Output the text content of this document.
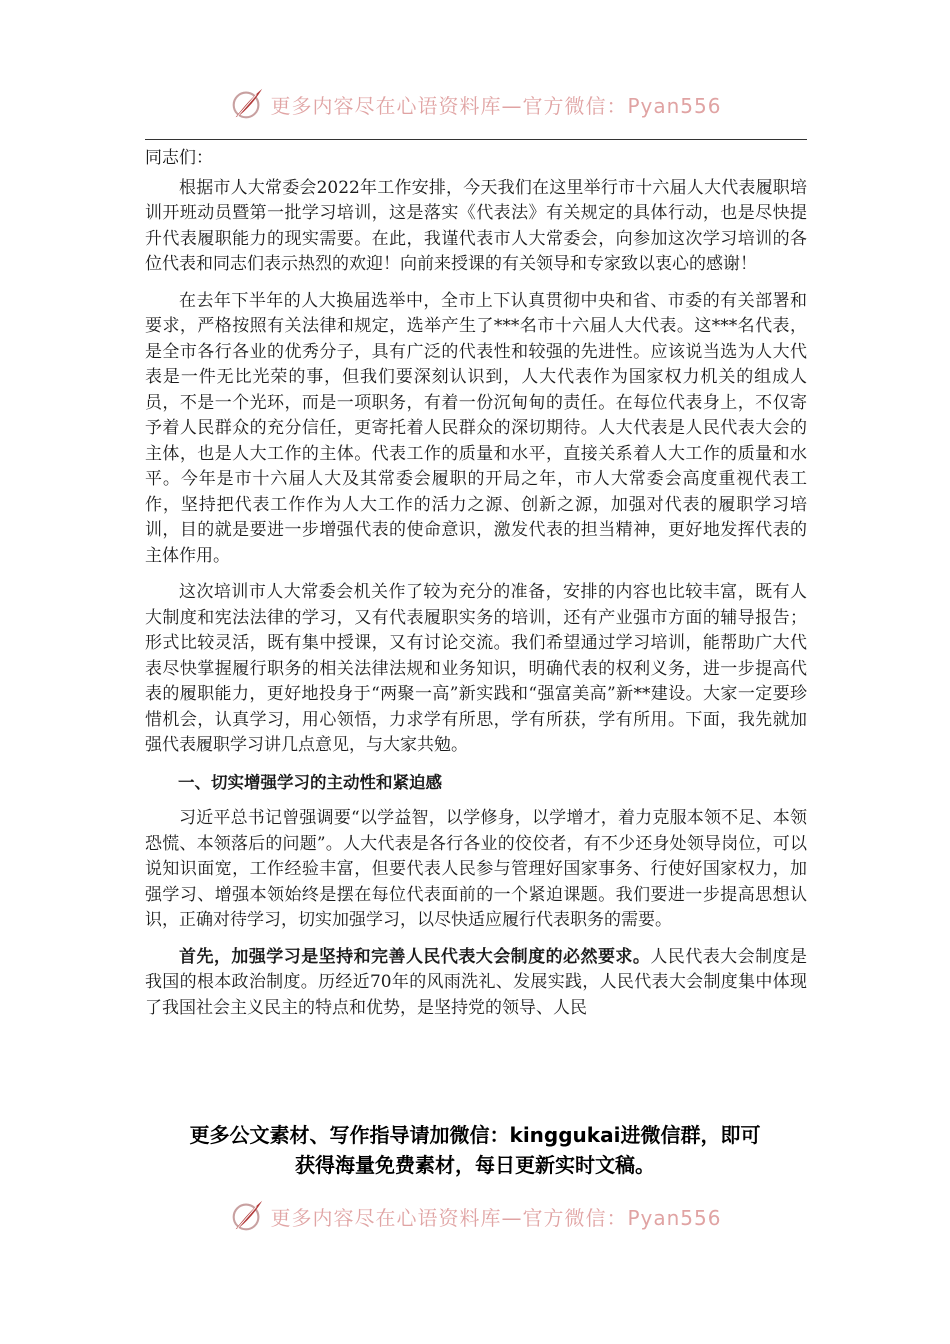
更多内容尽在心语资料库—官方微信：Pyan556

同志们：

根据市人大常委会2022年工作安排，今天我们在这里举行市十六届人大代表履职培训开班动员暨第一批学习培训，这是落实《代表法》有关规定的具体行动，也是尽快提升代表履职能力的现实需要。在此，我谨代表市人大常委会，向参加这次学习培训的各位代表和同志们表示热烈的欢迎！向前来授课的有关领导和专家致以衷心的感谢！

在去年下半年的人大换届选举中，全市上下认真贯彻中央和省、市委的有关部署和要求，严格按照有关法律和规定，选举产生了***名市十六届人大代表。这***名代表，是全市各行各业的优秀分子，具有广泛的代表性和较强的先进性。应该说当选为人大代表是一件无比光荣的事，但我们要深刻认识到，人大代表作为国家权力机关的组成人员，不是一个光环，而是一项职务，有着一份沉甸甸的责任。在每位代表身上，不仅寄予着人民群众的充分信任，更寄托着人民群众的深切期待。人大代表是人民代表大会的主体，也是人大工作的主体。代表工作的质量和水平，直接关系着人大工作的质量和水平。今年是市十六届人大及其常委会履职的开局之年，市人大常委会高度重视代表工作，坚持把代表工作作为人大工作的活力之源、创新之源，加强对代表的履职学习培训，目的就是要进一步增强代表的使命意识，激发代表的担当精神，更好地发挥代表的主体作用。

这次培训市人大常委会机关作了较为充分的准备，安排的内容也比较丰富，既有人大制度和宪法法律的学习，又有代表履职实务的培训，还有产业强市方面的辅导报告；形式比较灵活，既有集中授课，又有讨论交流。我们希望通过学习培训，能帮助广大代表尽快掌握履行职务的相关法律法规和业务知识，明确代表的权利义务，进一步提高代表的履职能力，更好地投身于“两聚一高”新实践和“强富美高”新**建设。大家一定要珍惜机会，认真学习，用心领悟，力求学有所思，学有所获，学有所用。下面，我先就加强代表履职学习讲几点意见，与大家共勉。

一、切实增强学习的主动性和紧迫感

习近平总书记曾强调要“以学益智，以学修身，以学增才，着力克服本领不足、本领恐慌、本领落后的问题”。人大代表是各行各业的佼佼者，有不少还身处领导岗位，可以说知识面宽，工作经验丰富，但要代表人民参与管理好国家事务、行使好国家权力，加强学习、增强本领始终是摆在每位代表面前的一个紧迫课题。我们要进一步提高思想认识，正确对待学习，切实加强学习，以尽快适应履行代表职务的需要。

首先，加强学习是坚持和完善人民代表大会制度的必然要求。人民代表大会制度是我国的根本政治制度。历经近70年的风雨洗礼、发展实践，人民代表大会制度集中体现了我国社会主义民主的特点和优势，是坚持党的领导、人民

更多公文素材、写作指导请加微信：kinggukai进微信群，即可
获得海量免费素材，每日更新实时文稿。
更多内容尽在心语资料库—官方微信：Pyan556
